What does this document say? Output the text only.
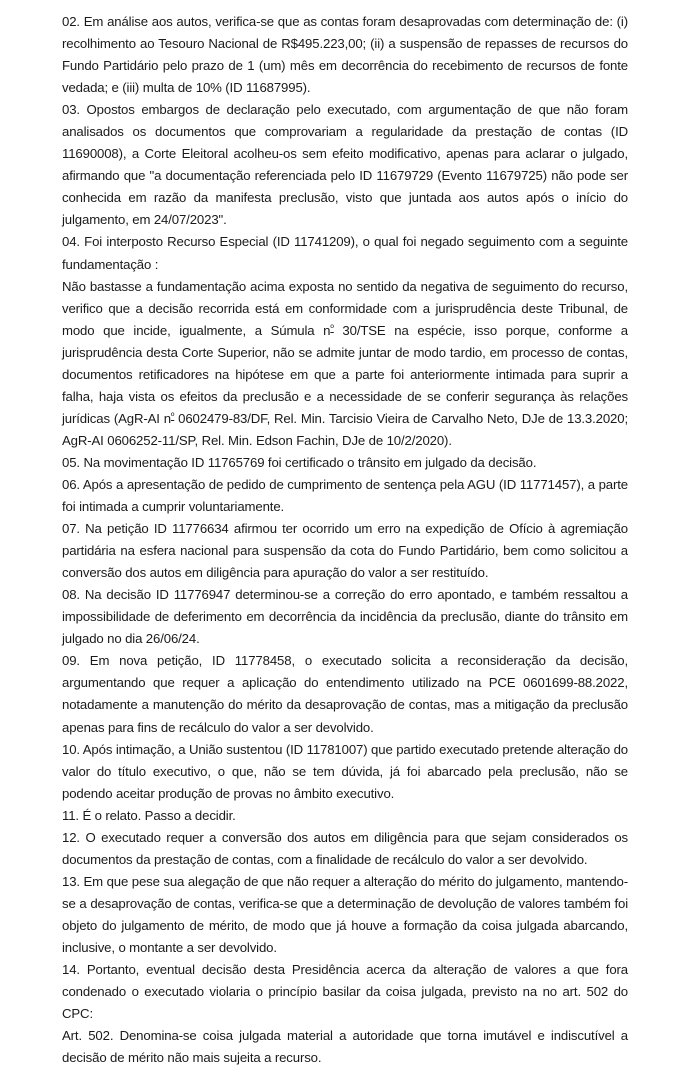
02. Em análise aos autos, verifica-se que as contas foram desaprovadas com determinação de: (i) recolhimento ao Tesouro Nacional de R$495.223,00; (ii) a suspensão de repasses de recursos do Fundo Partidário pelo prazo de 1 (um) mês em decorrência do recebimento de recursos de fonte vedada; e (iii) multa de 10% (ID 11687995).

03. Opostos embargos de declaração pelo executado, com argumentação de que não foram analisados os documentos que comprovariam a regularidade da prestação de contas (ID 11690008), a Corte Eleitoral acolheu-os sem efeito modificativo, apenas para aclarar o julgado, afirmando que "a documentação referenciada pelo ID 11679729 (Evento 11679725) não pode ser conhecida em razão da manifesta preclusão, visto que juntada aos autos após o início do julgamento, em 24/07/2023".

04. Foi interposto Recurso Especial (ID 11741209), o qual foi negado seguimento com a seguinte fundamentação :

Não bastasse a fundamentação acima exposta no sentido da negativa de seguimento do recurso, verifico que a decisão recorrida está em conformidade com a jurisprudência deste Tribunal, de modo que incide, igualmente, a Súmula $n^º$ 30/TSE na espécie, isso porque, conforme a jurisprudência desta Corte Superior, não se admite juntar de modo tardio, em processo de contas, documentos retificadores na hipótese em que a parte foi anteriormente intimada para suprir a falha, haja vista os efeitos da preclusão e a necessidade de se conferir segurança às relações jurídicas (AgR-AI $n^º$ 0602479-83/DF, Rel. Min. Tarcisio Vieira de Carvalho Neto, DJe de 13.3.2020; AgR-AI 0606252-11/SP, Rel. Min. Edson Fachin, DJe de 10/2/2020).

05. Na movimentação ID 11765769 foi certificado o trânsito em julgado da decisão.

06. Após a apresentação de pedido de cumprimento de sentença pela AGU (ID 11771457), a parte foi intimada a cumprir voluntariamente.

07. Na petição ID 11776634 afirmou ter ocorrido um erro na expedição de Ofício à agremiação partidária na esfera nacional para suspensão da cota do Fundo Partidário, bem como solicitou a conversão dos autos em diligência para apuração do valor a ser restituído.

08. Na decisão ID 11776947 determinou-se a correção do erro apontado, e também ressaltou a impossibilidade de deferimento em decorrência da incidência da preclusão, diante do trânsito em julgado no dia 26/06/24.

09. Em nova petição, ID 11778458, o executado solicita a reconsideração da decisão, argumentando que requer a aplicação do entendimento utilizado na PCE 0601699-88.2022, notadamente a manutenção do mérito da desaprovação de contas, mas a mitigação da preclusão apenas para fins de recálculo do valor a ser devolvido.

10. Após intimação, a União sustentou (ID 11781007) que partido executado pretende alteração do valor do título executivo, o que, não se tem dúvida, já foi abarcado pela preclusão, não se podendo aceitar produção de provas no âmbito executivo.

11. É o relato. Passo a decidir.

12. O executado requer a conversão dos autos em diligência para que sejam considerados os documentos da prestação de contas, com a finalidade de recálculo do valor a ser devolvido.

13. Em que pese sua alegação de que não requer a alteração do mérito do julgamento, mantendo-se a desaprovação de contas, verifica-se que a determinação de devolução de valores também foi objeto do julgamento de mérito, de modo que já houve a formação da coisa julgada abarcando, inclusive, o montante a ser devolvido.

14. Portanto, eventual decisão desta Presidência acerca da alteração de valores a que fora condenado o executado violaria o princípio basilar da coisa julgada, previsto na no art. 502 do CPC:

Art. 502. Denomina-se coisa julgada material a autoridade que torna imutável e indiscutível a decisão de mérito não mais sujeita a recurso.
